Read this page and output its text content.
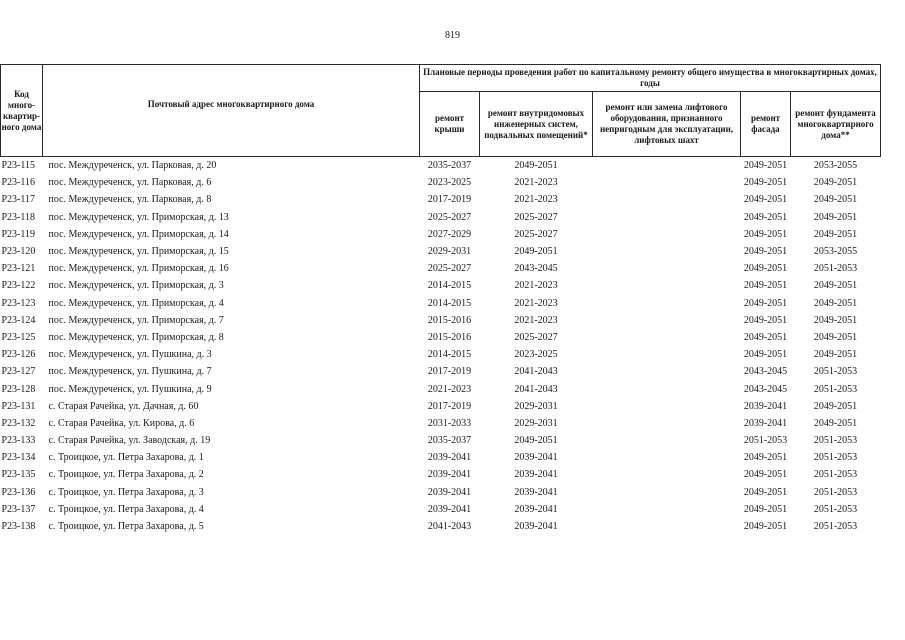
819
Код много-квартир-ного дома	Почтовый адрес многоквартирного дома	Плановые периоды проведения работ по капитальному ремонту общего имущества в многоквартирных домах, годы				
		ремонт крыши	ремонт внутридомовых инженерных систем, подвальных помещений*	ремонт или замена лифтового оборудования, признанного непригодным для эксплуатации, лифтовых шахт	ремонт фасада	ремонт фундамента многоквартирного дома**
Р23-115	пос. Междуреченск, ул. Парковая, д. 20	2035-2037	2049-2051		2049-2051	2053-2055
Р23-116	пос. Междуреченск, ул. Парковая, д. 6	2023-2025	2021-2023		2049-2051	2049-2051
Р23-117	пос. Междуреченск, ул. Парковая, д. 8	2017-2019	2021-2023		2049-2051	2049-2051
Р23-118	пос. Междуреченск, ул. Приморская, д. 13	2025-2027	2025-2027		2049-2051	2049-2051
Р23-119	пос. Междуреченск, ул. Приморская, д. 14	2027-2029	2025-2027		2049-2051	2049-2051
Р23-120	пос. Междуреченск, ул. Приморская, д. 15	2029-2031	2049-2051		2049-2051	2053-2055
Р23-121	пос. Междуреченск, ул. Приморская, д. 16	2025-2027	2043-2045		2049-2051	2051-2053
Р23-122	пос. Междуреченск, ул. Приморская, д. 3	2014-2015	2021-2023		2049-2051	2049-2051
Р23-123	пос. Междуреченск, ул. Приморская, д. 4	2014-2015	2021-2023		2049-2051	2049-2051
Р23-124	пос. Междуреченск, ул. Приморская, д. 7	2015-2016	2021-2023		2049-2051	2049-2051
Р23-125	пос. Междуреченск, ул. Приморская, д. 8	2015-2016	2025-2027		2049-2051	2049-2051
Р23-126	пос. Междуреченск, ул. Пушкина, д. 3	2014-2015	2023-2025		2049-2051	2049-2051
Р23-127	пос. Междуреченск, ул. Пушкина, д. 7	2017-2019	2041-2043		2043-2045	2051-2053
Р23-128	пос. Междуреченск, ул. Пушкина, д. 9	2021-2023	2041-2043		2043-2045	2051-2053
Р23-131	с. Старая Рачейка, ул. Дачная, д. 60	2017-2019	2029-2031		2039-2041	2049-2051
Р23-132	с. Старая Рачейка, ул. Кирова, д. 6	2031-2033	2029-2031		2039-2041	2049-2051
Р23-133	с. Старая Рачейка, ул. Заводская, д. 19	2035-2037	2049-2051		2051-2053	2051-2053
Р23-134	с. Троицкое, ул. Петра Захарова, д. 1	2039-2041	2039-2041		2049-2051	2051-2053
Р23-135	с. Троицкое, ул. Петра Захарова, д. 2	2039-2041	2039-2041		2049-2051	2051-2053
Р23-136	с. Троицкое, ул. Петра Захарова, д. 3	2039-2041	2039-2041		2049-2051	2051-2053
Р23-137	с. Троицкое, ул. Петра Захарова, д. 4	2039-2041	2039-2041		2049-2051	2051-2053
Р23-138	с. Троицкое, ул. Петра Захарова, д. 5	2041-2043	2039-2041		2049-2051	2051-2053
